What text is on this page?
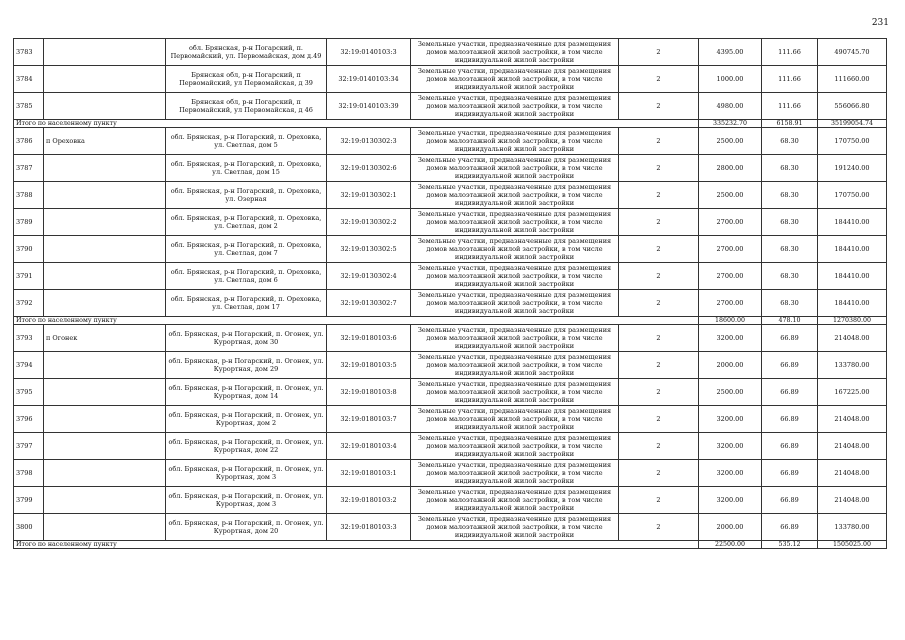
231
3783		обл. Брянская, р-н Погарский, п. Первомайский, ул. Первомайская, дом д.49	32:19:0140103:3	Земельные участки, предназначенные для размещения домов малоэтажной жилой застройки, в том числе индивидуальной жилой застройки	2	4395.00	111.66	490745.70
3784		Брянская обл, р-н Погарский, п Первомайский, ул Первомайская, д 39	32:19:0140103:34	Земельные участки, предназначенные для размещения домов малоэтажной жилой застройки, в том числе индивидуальной жилой застройки	2	1000.00	111.66	111660.00
3785		Брянская обл, р-н Погарский, п Первомайский, ул Первомайская, д 46	32:19:0140103:39	Земельные участки, предназначенные для размещения домов малоэтажной жилой застройки, в том числе индивидуальной жилой застройки	2	4980.00	111.66	556066.80
Итого по населенному пункту						335232.70	6158.91	35199054.74
3786	п Ореховка	обл. Брянская, р-н Погарский, п. Ореховка, ул. Светлая, дом 5	32:19:0130302:3	Земельные участки, предназначенные для размещения домов малоэтажной жилой застройки, в том числе индивидуальной жилой застройки	2	2500.00	68.30	170750.00
3787		обл. Брянская, р-н Погарский, п. Ореховка, ул. Светлая, дом 15	32:19:0130302:6	Земельные участки, предназначенные для размещения домов малоэтажной жилой застройки, в том числе индивидуальной жилой застройки	2	2800.00	68.30	191240.00
3788		обл. Брянская, р-н Погарский, п. Ореховка, ул. Озерная	32:19:0130302:1	Земельные участки, предназначенные для размещения домов малоэтажной жилой застройки, в том числе индивидуальной жилой застройки	2	2500.00	68.30	170750.00
3789		обл. Брянская, р-н Погарский, п. Ореховка, ул. Светлая, дом 2	32:19:0130302:2	Земельные участки, предназначенные для размещения домов малоэтажной жилой застройки, в том числе индивидуальной жилой застройки	2	2700.00	68.30	184410.00
3790		обл. Брянская, р-н Погарский, п. Ореховка, ул. Светлая, дом 7	32:19:0130302:5	Земельные участки, предназначенные для размещения домов малоэтажной жилой застройки, в том числе индивидуальной жилой застройки	2	2700.00	68.30	184410.00
3791		обл. Брянская, р-н Погарский, п. Ореховка, ул. Светлая, дом 6	32:19:0130302:4	Земельные участки, предназначенные для размещения домов малоэтажной жилой застройки, в том числе индивидуальной жилой застройки	2	2700.00	68.30	184410.00
3792		обл. Брянская, р-н Погарский, п. Ореховка, ул. Светлая, дом 17	32:19:0130302:7	Земельные участки, предназначенные для размещения домов малоэтажной жилой застройки, в том числе индивидуальной жилой застройки	2	2700.00	68.30	184410.00
Итого по населенному пункту						18600.00	478.10	1270380.00
3793	п Огонек	обл. Брянская, р-н Погарский, п. Огонек, ул. Курортная, дом 30	32:19:0180103:6	Земельные участки, предназначенные для размещения домов малоэтажной жилой застройки, в том числе индивидуальной жилой застройки	2	3200.00	66.89	214048.00
3794		обл. Брянская, р-н Погарский, п. Огонек, ул. Курортная, дом 29	32:19:0180103:5	Земельные участки, предназначенные для размещения домов малоэтажной жилой застройки, в том числе индивидуальной жилой застройки	2	2000.00	66.89	133780.00
3795		обл. Брянская, р-н Погарский, п. Огонек, ул. Курортная, дом 14	32:19:0180103:8	Земельные участки, предназначенные для размещения домов малоэтажной жилой застройки, в том числе индивидуальной жилой застройки	2	2500.00	66.89	167225.00
3796		обл. Брянская, р-н Погарский, п. Огонек, ул. Курортная, дом 2	32:19:0180103:7	Земельные участки, предназначенные для размещения домов малоэтажной жилой застройки, в том числе индивидуальной жилой застройки	2	3200.00	66.89	214048.00
3797		обл. Брянская, р-н Погарский, п. Огонек, ул. Курортная, дом 22	32:19:0180103:4	Земельные участки, предназначенные для размещения домов малоэтажной жилой застройки, в том числе индивидуальной жилой застройки	2	3200.00	66.89	214048.00
3798		обл. Брянская, р-н Погарский, п. Огонек, ул. Курортная, дом 3	32:19:0180103:1	Земельные участки, предназначенные для размещения домов малоэтажной жилой застройки, в том числе индивидуальной жилой застройки	2	3200.00	66.89	214048.00
3799		обл. Брянская, р-н Погарский, п. Огонек, ул. Курортная, дом 3	32:19:0180103:2	Земельные участки, предназначенные для размещения домов малоэтажной жилой застройки, в том числе индивидуальной жилой застройки	2	3200.00	66.89	214048.00
3800		обл. Брянская, р-н Погарский, п. Огонек, ул. Курортная, дом 20	32:19:0180103:3	Земельные участки, предназначенные для размещения домов малоэтажной жилой застройки, в том числе индивидуальной жилой застройки	2	2000.00	66.89	133780.00
Итого по населенному пункту						22500.00	535.12	1505025.00
